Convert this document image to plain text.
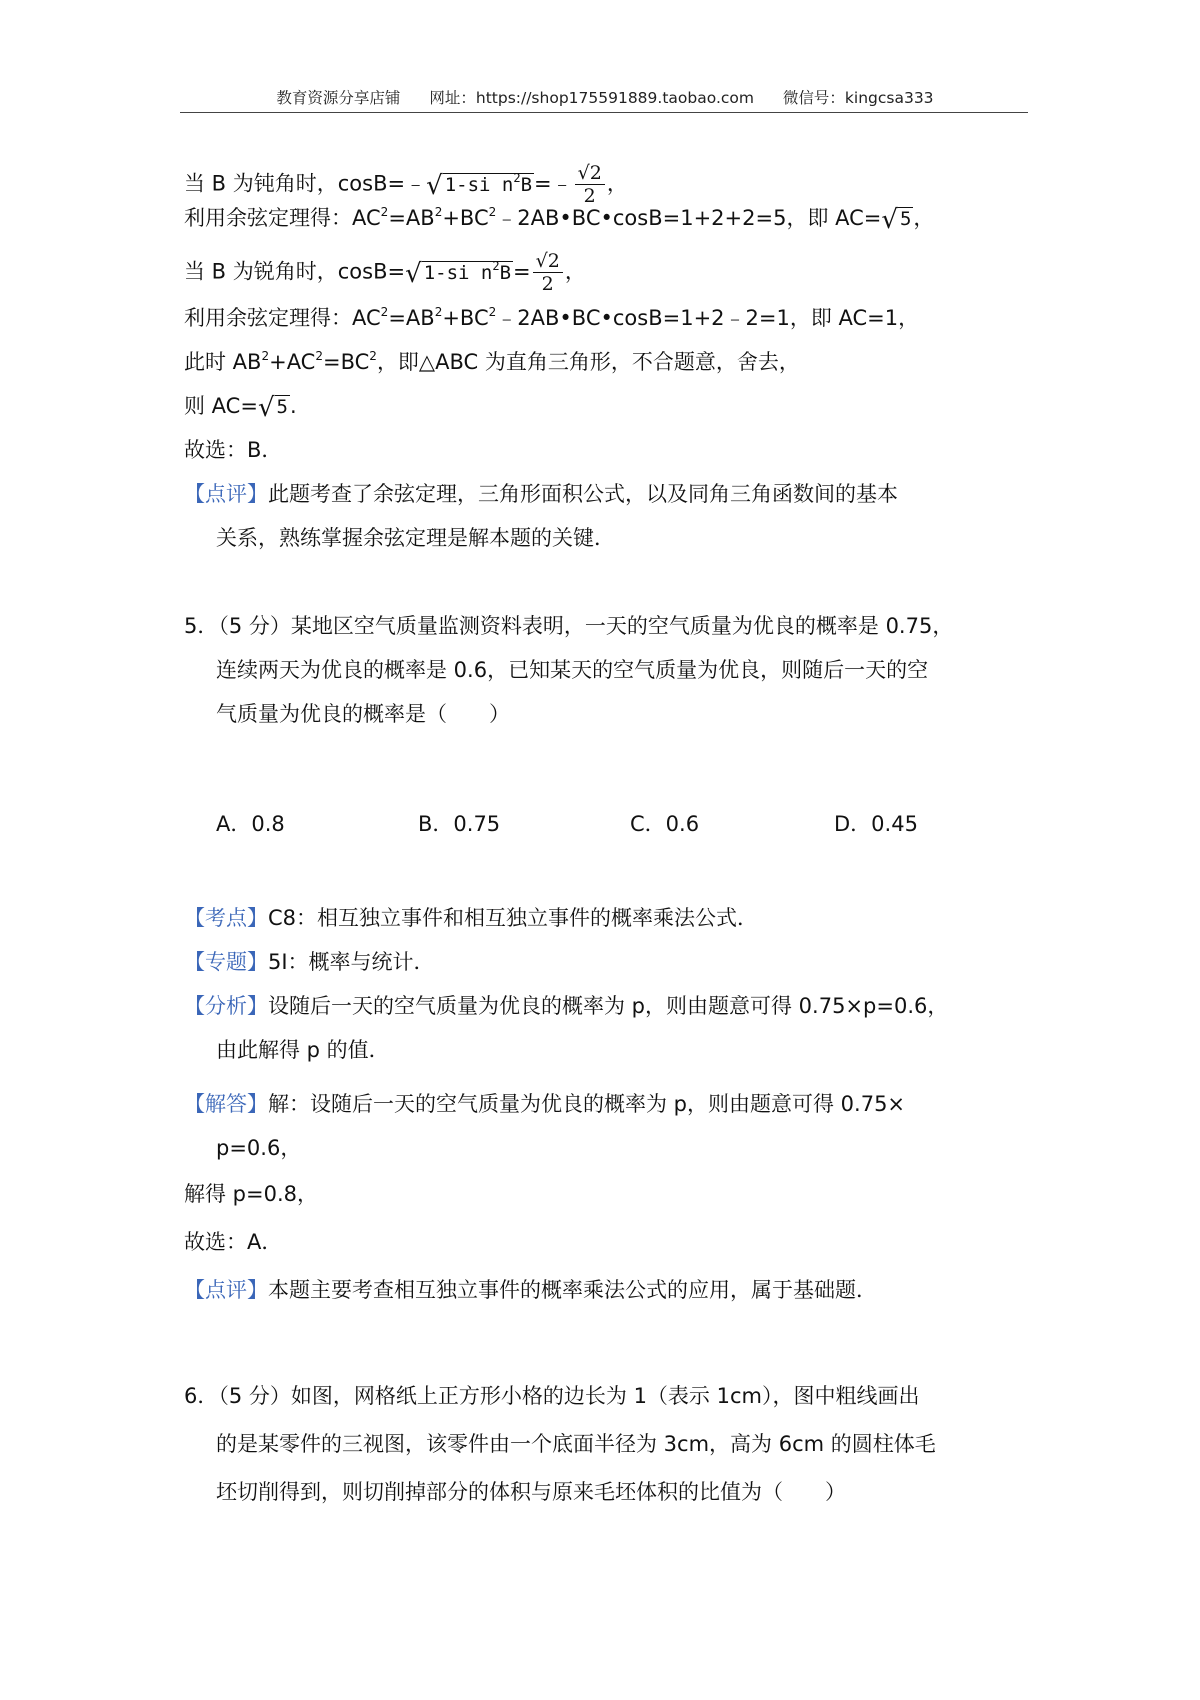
教育资源分享店铺 网址：https://shop175591889.taobao.com 微信号：kingcsa333
当 B 为钝角时，cosB=﹣√ 1-si $n^2B=﹣ \frac{√2}{2}$ ，
利用余弦定理得：$AC^2=AB^2+BC^2﹣2AB•BC•\cos B=1+2+2=5$，即 AC=√ 5，
当 B 为锐角时，cosB=√ 1-si $n^2B= \frac{√2}{2}$ ，
利用余弦定理得：$AC^2=AB^2+BC^2﹣2AB•BC•\cos B=1+2﹣2=1$，即 AC=1，
此时 $AB^2+AC^2=BC^2$，即△ABC 为直角三角形，不合题意，舍去，
则 AC=√ 5.
故选：B．
【点评】此题考查了余弦定理，三角形面积公式，以及同角三角函数间的基本
关系，熟练掌握余弦定理是解本题的关键．
5．（5 分）某地区空气质量监测资料表明，一天的空气质量为优良的概率是 0.75，
连续两天为优良的概率是 0.6，已知某天的空气质量为优良，则随后一天的空
气质量为优良的概率是（　　）
A．0.8	B．0.75	C．0.6	D．0.45
【考点】C8：相互独立事件和相互独立事件的概率乘法公式．
【专题】5I：概率与统计．
【分析】设随后一天的空气质量为优良的概率为 p，则由题意可得 0.75×p=0.6，
由此解得 p 的值．
【解答】解：设随后一天的空气质量为优良的概率为 p，则由题意可得 0.75×
p=0.6，
解得 p=0.8，
故选：A．
【点评】本题主要考查相互独立事件的概率乘法公式的应用，属于基础题．
6．（5 分）如图，网格纸上正方形小格的边长为 1（表示 1cm），图中粗线画出
的是某零件的三视图，该零件由一个底面半径为 3cm，高为 6cm 的圆柱体毛
坯切削得到，则切削掉部分的体积与原来毛坯体积的比值为（　　）
